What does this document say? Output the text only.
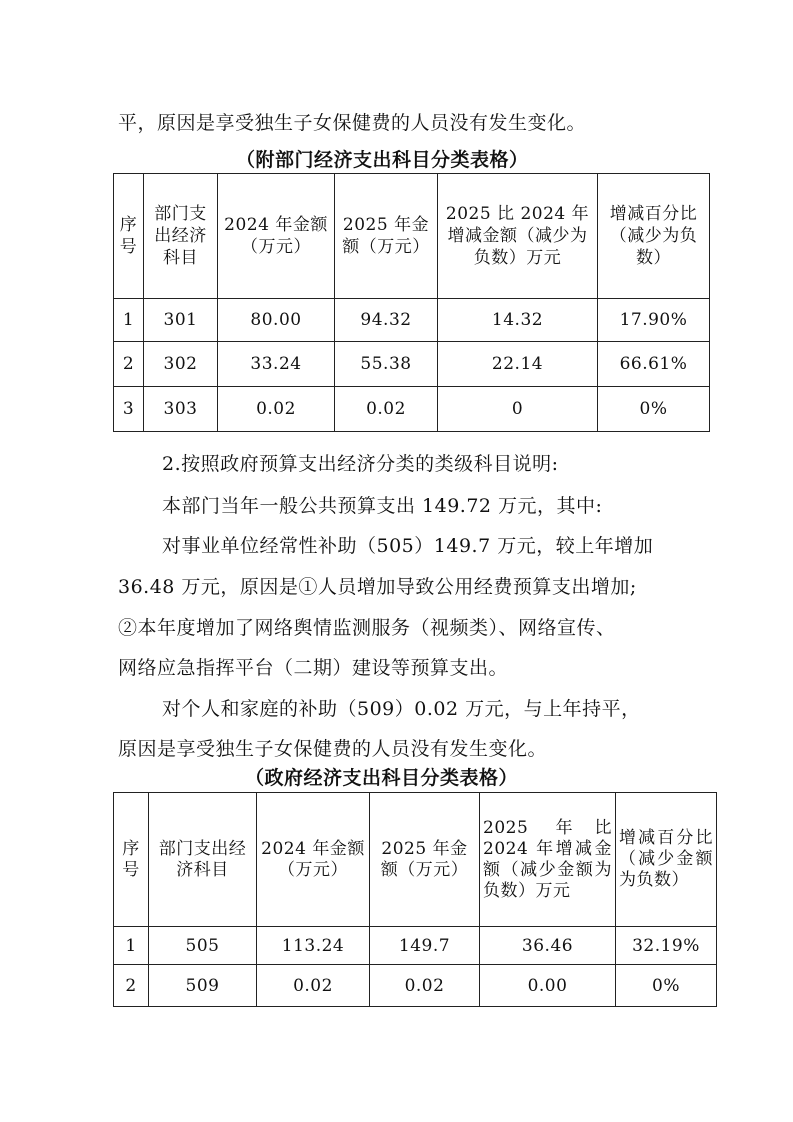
平，原因是享受独生子女保健费的人员没有发生变化。
（附部门经济支出科目分类表格）
序号	部门支出经济科目	2024 年金额（万元）	2025 年金额（万元）	2025 比 2024 年增减金额（减少为负数）万元	增减百分比（减少为负数）
1	301	80.00	94.32	14.32	17.90%
2	302	33.24	55.38	22.14	66.61%
3	303	0.02	0.02	0	0%
2.按照政府预算支出经济分类的类级科目说明:
本部门当年一般公共预算支出 149.72 万元，其中:
对事业单位经常性补助（505）149.7 万元，较上年增加
36.48 万元，原因是①人员增加导致公用经费预算支出增加;
②本年度增加了网络舆情监测服务（视频类）、网络宣传、
网络应急指挥平台（二期）建设等预算支出。
对个人和家庭的补助（509）0.02 万元，与上年持平，
原因是享受独生子女保健费的人员没有发生变化。
（政府经济支出科目分类表格）
序号	部门支出经济科目	2024 年金额（万元）	2025 年金额（万元）	2025 年比 2024 年增减金额（减少金额为负数）万元	增减百分比（减少金额为负数）
1	505	113.24	149.7	36.46	32.19%
2	509	0.02	0.02	0.00	0%
